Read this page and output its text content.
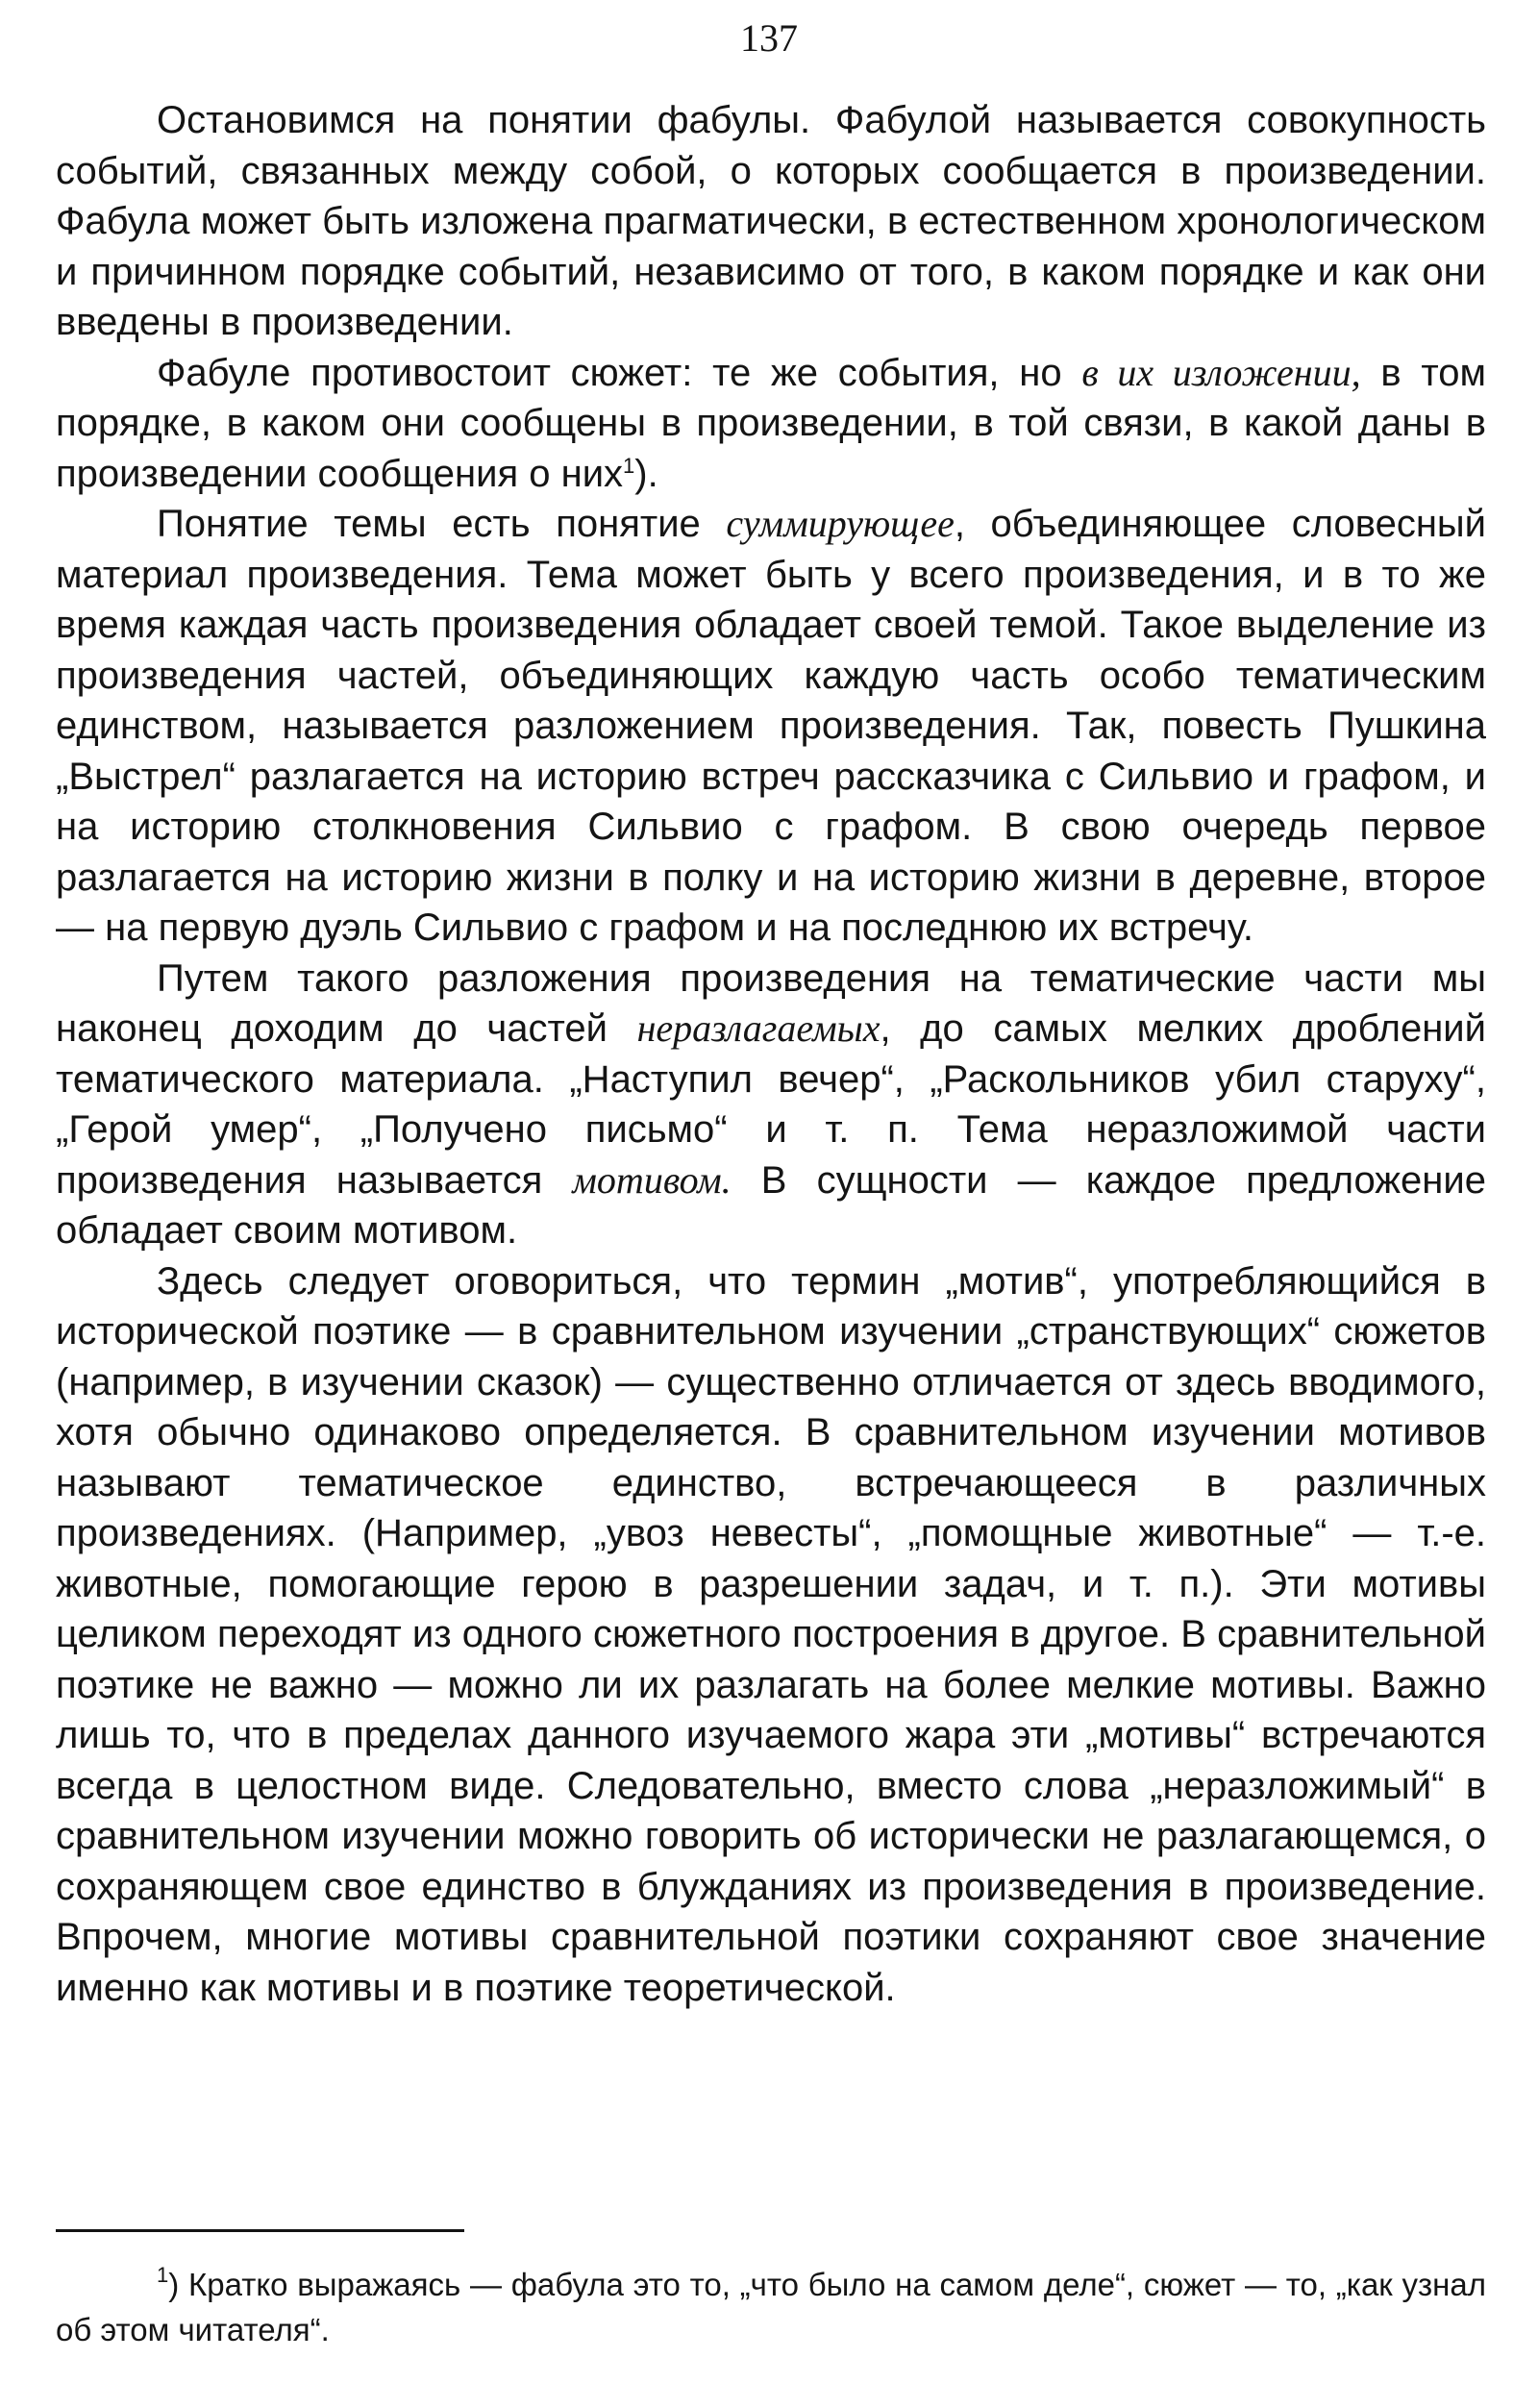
137

Остановимся на понятии фабулы. Фабулой называется совокупность событий, связанных между собой, о которых сообщается в произведении. Фабула может быть изложена прагматически, в естественном хронологическом и причинном порядке событий, независимо от того, в каком порядке и как они введены в произведении.

Фабуле противостоит сюжет: те же события, но в их изложении, в том порядке, в каком они сообщены в произведении, в той связи, в какой даны в произведении сообщения о них$^1$).

Понятие темы есть понятие суммирующее, объединяющее словесный материал произведения. Тема может быть у всего произведения, и в то же время каждая часть произведения обладает своей темой. Такое выделение из произведения частей, объединяющих каждую часть особо тематическим единством, называется разложением произведения. Так, повесть Пушкина „Выстрел“ разлагается на историю встреч рассказчика с Сильвио и графом, и на историю столкновения Сильвио с графом. В свою очередь первое разлагается на историю жизни в полку и на историю жизни в деревне, второе — на первую дуэль Сильвио с графом и на последнюю их встречу.

Путем такого разложения произведения на тематические части мы наконец доходим до частей неразлагаемых, до самых мелких дроблений тематического материала. „Наступил вечер“, „Раскольников убил старуху“, „Герой умер“, „Получено письмо“ и т. п. Тема неразложимой части произведения называется мотивом. В сущности — каждое предложение обладает своим мотивом.

Здесь следует оговориться, что термин „мотив“, употребляющийся в исторической поэтике — в сравнительном изучении „странствующих“ сюжетов (например, в изучении сказок) — существенно отличается от здесь вводимого, хотя обычно одинаково определяется. В сравнительном изучении мотивов называют тематическое единство, встречающееся в различных произведениях. (Например, „увоз невесты“, „помощные животные“ — т.-е. животные, помогающие герою в разрешении задач, и т. п.). Эти мотивы целиком переходят из одного сюжетного построения в другое. В сравнительной поэтике не важно — можно ли их разлагать на более мелкие мотивы. Важно лишь то, что в пределах данного изучаемого жара эти „мотивы“ встречаются всегда в целостном виде. Следовательно, вместо слова „неразложимый“ в сравнительном изучении можно говорить об исторически не разлагающемся, о сохраняющем свое единство в блужданиях из произведения в произведение. Впрочем, многие мотивы сравнительной поэтики сохраняют свое значение именно как мотивы и в поэтике теоретической.

$^1$) Кратко выражаясь — фабула это то, „что было на самом деле“, сюжет — то, „как узнал об этом читателя“.
